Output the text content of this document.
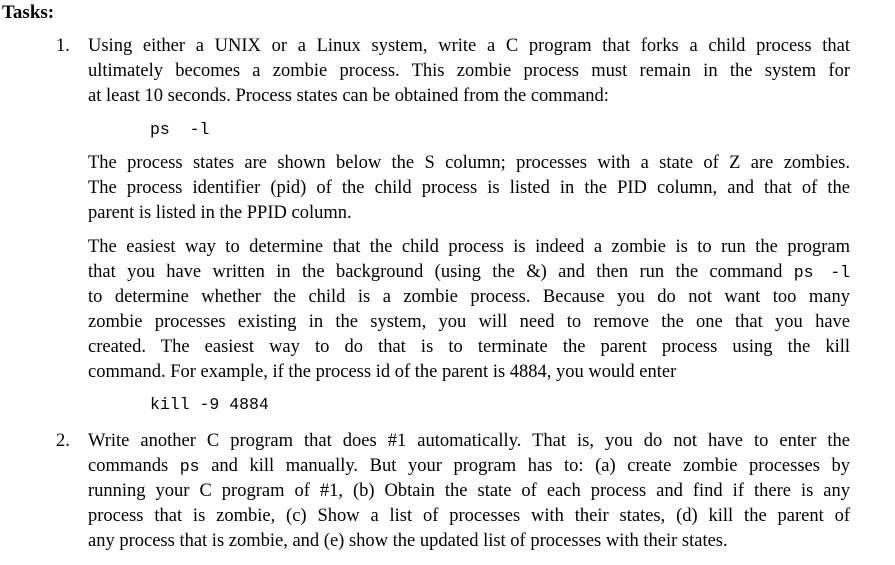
Tasks:
1. Using either a UNIX or a Linux system, write a C program that forks a child process that
ultimately becomes a zombie process. This zombie process must remain in the system for
at least 10 seconds. Process states can be obtained from the command:
ps  -l
The process states are shown below the S column; processes with a state of Z are zombies.
The process identifier (pid) of the child process is listed in the PID column, and that of the
parent is listed in the PPID column.
The easiest way to determine that the child process is indeed a zombie is to run the program
that you have written in the background (using the &) and then run the command ps -l
to determine whether the child is a zombie process. Because you do not want too many
zombie processes existing in the system, you will need to remove the one that you have
created. The easiest way to do that is to terminate the parent process using the kill
command. For example, if the process id of the parent is 4884, you would enter
kill -9 4884
2. Write another C program that does #1 automatically. That is, you do not have to enter the
commands ps and kill manually. But your program has to: (a) create zombie processes by
running your C program of #1, (b) Obtain the state of each process and find if there is any
process that is zombie, (c) Show a list of processes with their states, (d) kill the parent of
any process that is zombie, and (e) show the updated list of processes with their states.
